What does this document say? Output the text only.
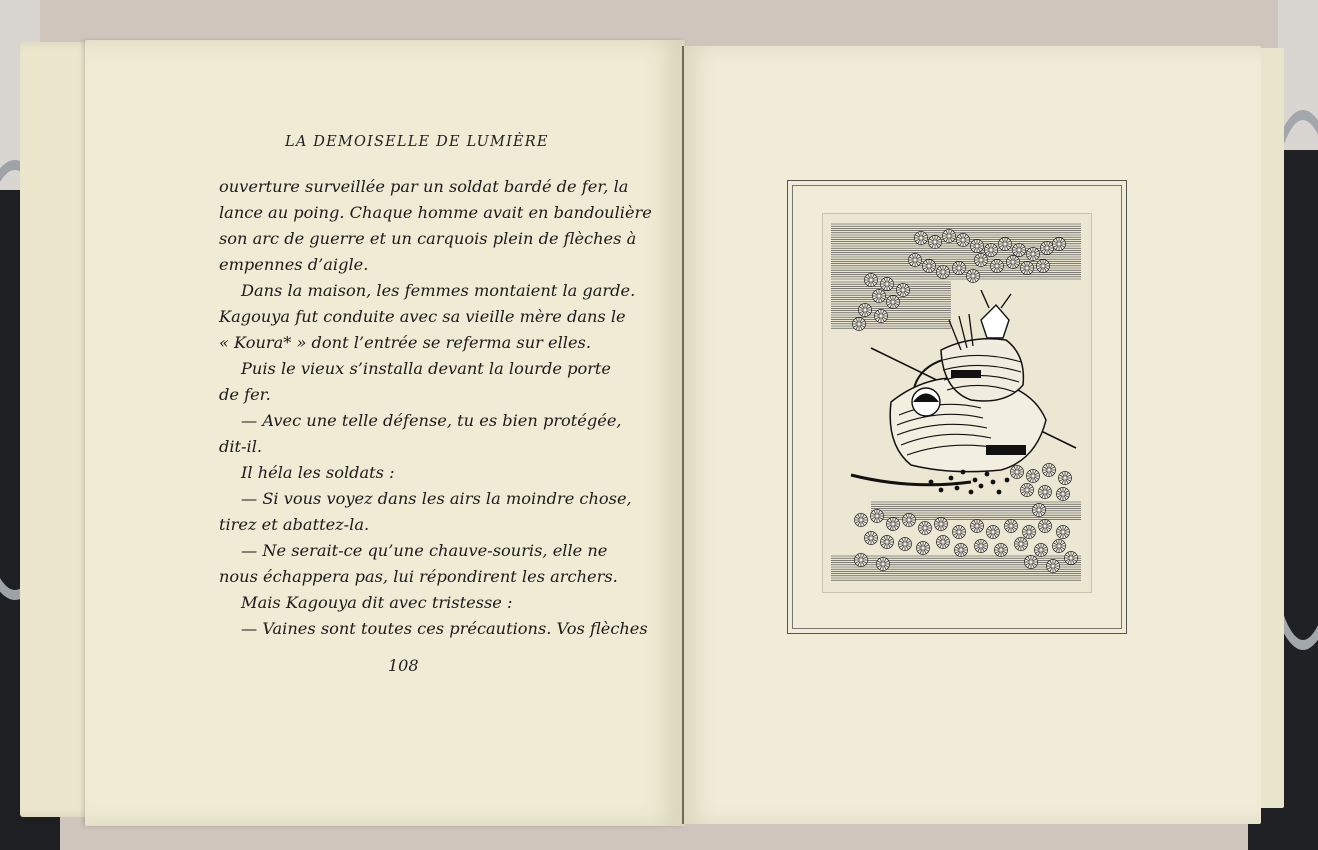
LA DEMOISELLE DE LUMIÈRE
ouverture surveillée par un soldat bardé de fer, la
lance au poing. Chaque homme avait en bandoulière
son arc de guerre et un carquois plein de flèches à
empennes d’aigle.
Dans la maison, les femmes montaient la garde.
Kagouya fut conduite avec sa vieille mère dans le
« Koura* » dont l’entrée se referma sur elles.
Puis le vieux s’installa devant la lourde porte
de fer.
— Avec une telle défense, tu es bien protégée,
dit-il.
Il héla les soldats :
— Si vous voyez dans les airs la moindre chose,
tirez et abattez-la.
— Ne serait-ce qu’une chauve-souris, elle ne
nous échappera pas, lui répondirent les archers.
Mais Kagouya dit avec tristesse :
— Vaines sont toutes ces précautions. Vos flèches
108
